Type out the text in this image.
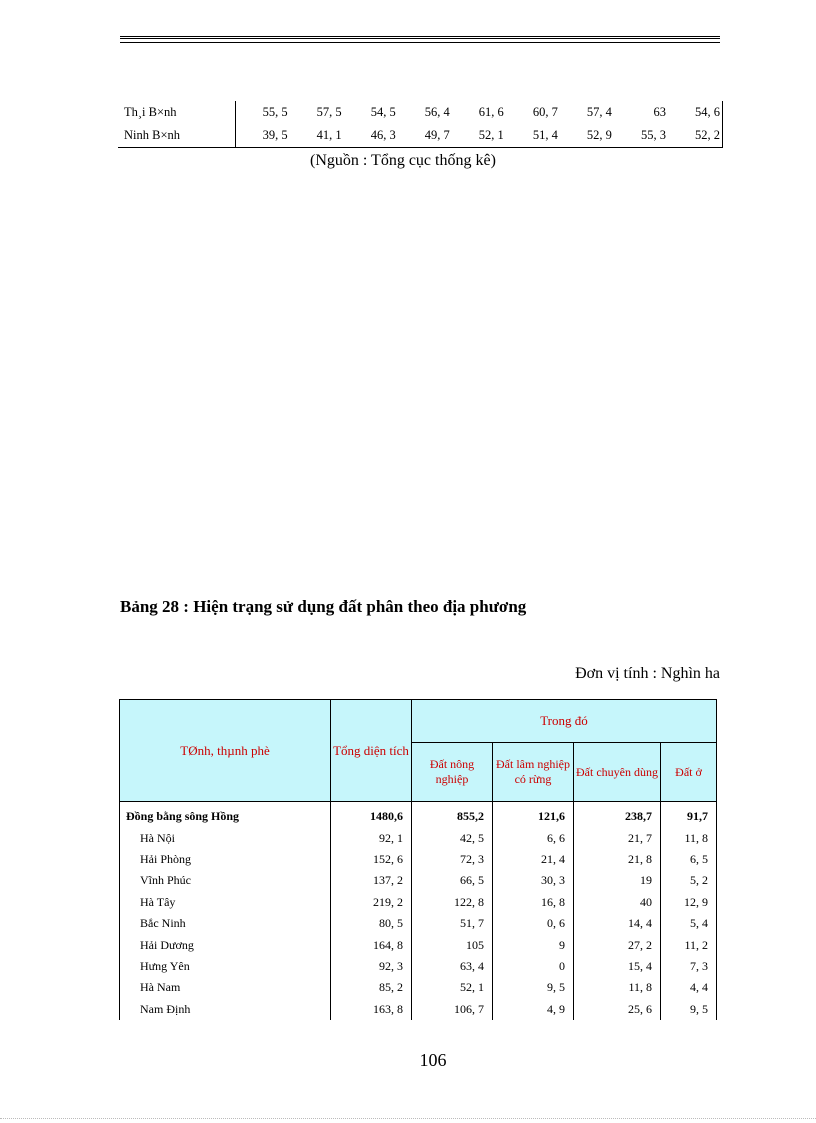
Th¸i B×nh	55, 5	57, 5	54, 5	56, 4	61, 6	60, 7	57, 4	63	54, 6
Ninh B×nh	39, 5	41, 1	46, 3	49, 7	52, 1	51, 4	52, 9	55, 3	52, 2
(Nguồn : Tổng cục thống kê)
Bảng 28 : Hiện trạng sử dụng đất phân theo địa phương
Đơn vị tính : Nghìn ha
TØnh, thµnh phè	Tổng diện tích	Trong đó			
		Đất nông nghiệp	Đất lâm nghiệp có rừng	Đất chuyên dùng	Đất ở

Đồng bằng sông Hồng	1480,6	855,2	121,6	238,7	91,7
Hà Nội	92, 1	42, 5	6, 6	21, 7	11, 8
Hải Phòng	152, 6	72, 3	21, 4	21, 8	6, 5
Vĩnh Phúc	137, 2	66, 5	30, 3	19	5, 2
Hà Tây	219, 2	122, 8	16, 8	40	12, 9
Bắc Ninh	80, 5	51, 7	0, 6	14, 4	5, 4
Hải Dương	164, 8	105	9	27, 2	11, 2
Hưng Yên	92, 3	63, 4	0	15, 4	7, 3
Hà Nam	85, 2	52, 1	9, 5	11, 8	4, 4
Nam Định	163, 8	106, 7	4, 9	25, 6	9, 5
106
